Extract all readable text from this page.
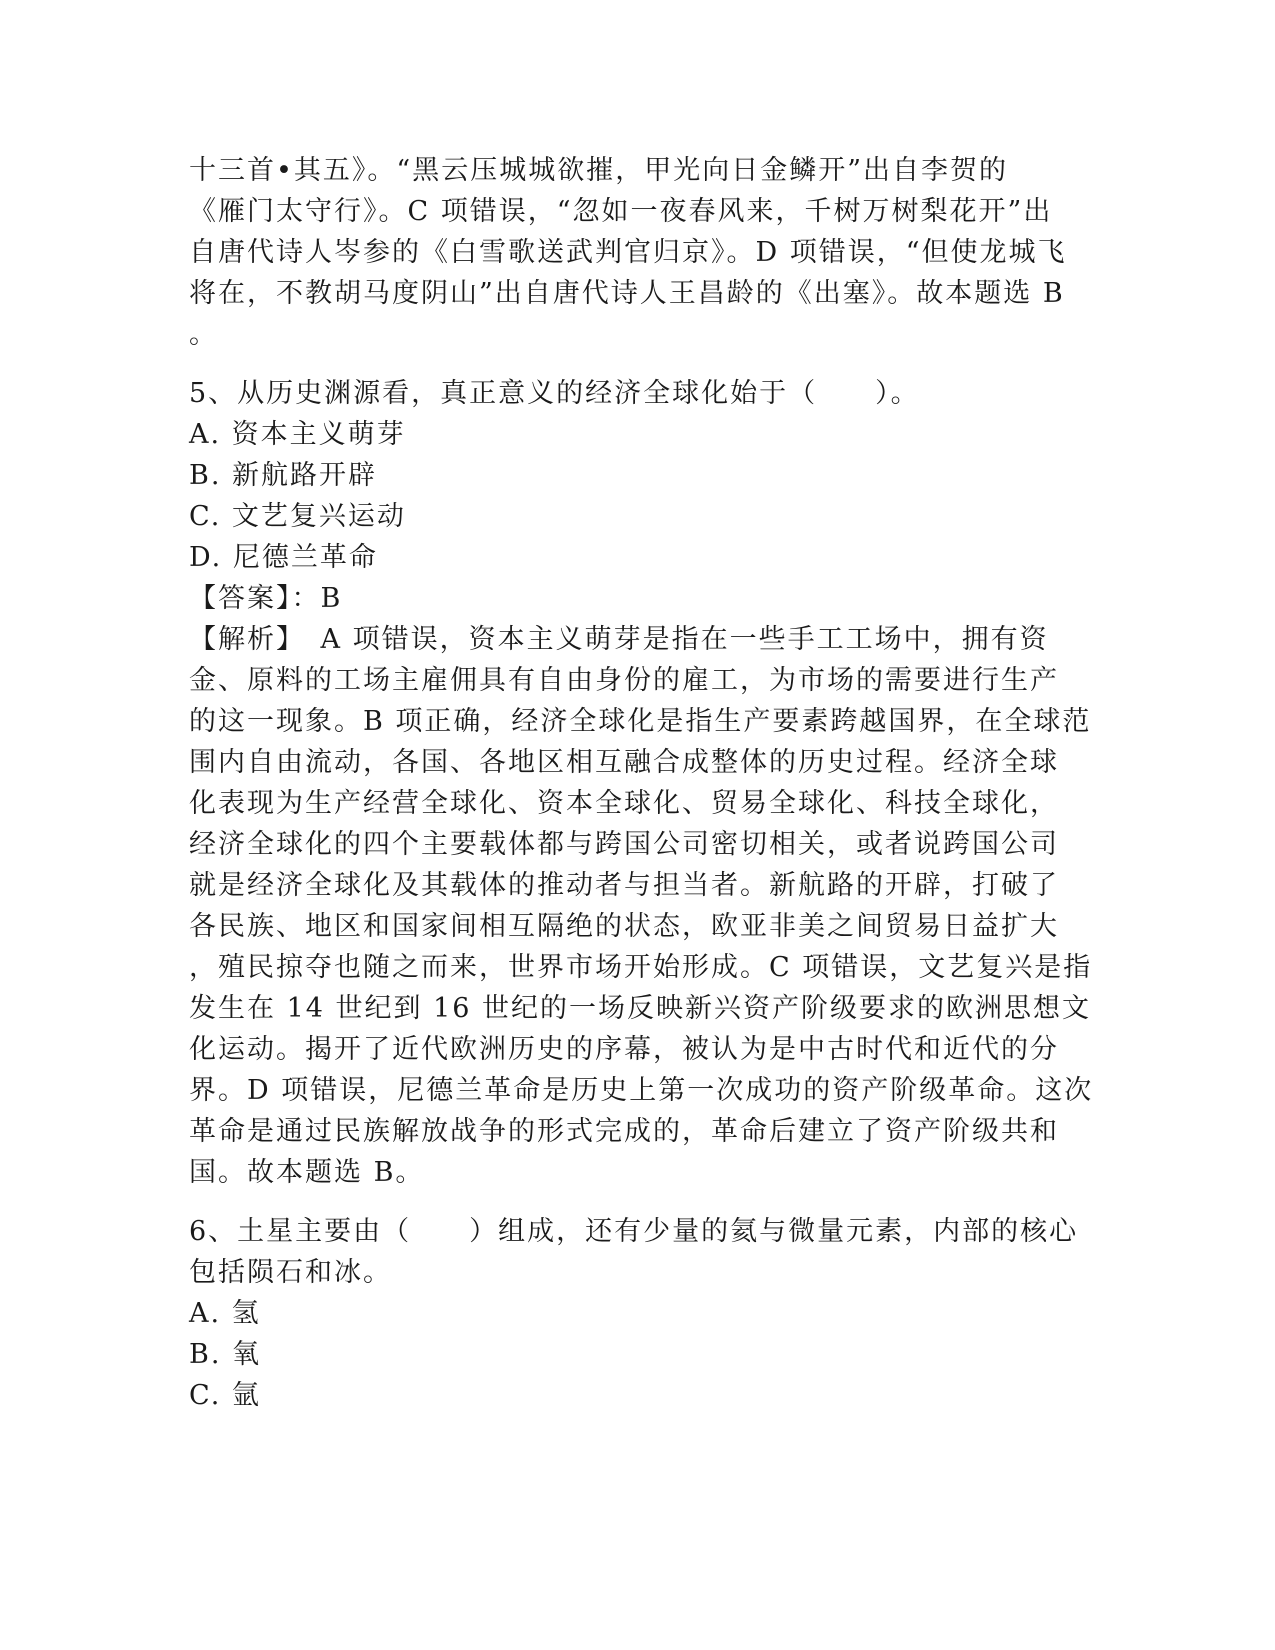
十三首•其五》。“黑云压城城欲摧，甲光向日金鳞开”出自李贺的
《雁门太守行》。C 项错误，“忽如一夜春风来，千树万树梨花开”出
自唐代诗人岑参的《白雪歌送武判官归京》。D 项错误，“但使龙城飞
将在，不教胡马度阴山”出自唐代诗人王昌龄的《出塞》。故本题选 B
。
5、从历史渊源看，真正意义的经济全球化始于（　　）。
A. 资本主义萌芽
B. 新航路开辟
C. 文艺复兴运动
D. 尼德兰革命
【答案】：B
【解析】　A 项错误，资本主义萌芽是指在一些手工工场中，拥有资
金、原料的工场主雇佣具有自由身份的雇工，为市场的需要进行生产
的这一现象。B 项正确，经济全球化是指生产要素跨越国界，在全球范
围内自由流动，各国、各地区相互融合成整体的历史过程。经济全球
化表现为生产经营全球化、资本全球化、贸易全球化、科技全球化，
经济全球化的四个主要载体都与跨国公司密切相关，或者说跨国公司
就是经济全球化及其载体的推动者与担当者。新航路的开辟，打破了
各民族、地区和国家间相互隔绝的状态，欧亚非美之间贸易日益扩大
，殖民掠夺也随之而来，世界市场开始形成。C 项错误，文艺复兴是指
发生在 14 世纪到 16 世纪的一场反映新兴资产阶级要求的欧洲思想文
化运动。揭开了近代欧洲历史的序幕，被认为是中古时代和近代的分
界。D 项错误，尼德兰革命是历史上第一次成功的资产阶级革命。这次
革命是通过民族解放战争的形式完成的，革命后建立了资产阶级共和
国。故本题选 B。
6、土星主要由（　　）组成，还有少量的氦与微量元素，内部的核心
包括陨石和冰。
A. 氢
B. 氧
C. 氩
